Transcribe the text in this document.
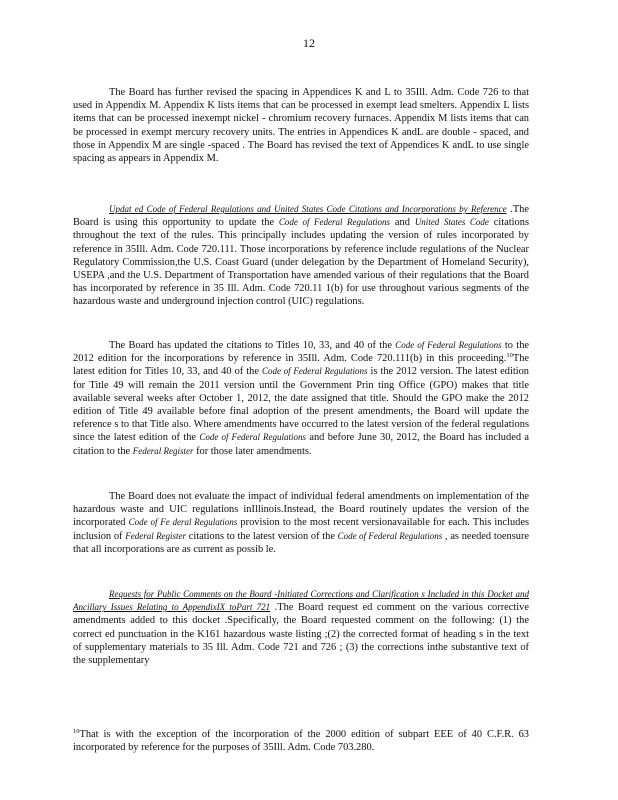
12

The Board has further revised the spacing in Appendices K and L to 35Ill. Adm. Code 726 to that used in Appendix M. Appendix K lists items that can be processed in exempt lead smelters. Appendix L lists items that can be processed inexempt nickel - chromium recovery furnaces. Appendix M lists items that can be processed in exempt mercury recovery units. The entries in Appendices K andL are double - spaced, and those in Appendix M are single -spaced . The Board has revised the text of Appendices K andL to use single spacing as appears in Appendix M.

Updat ed Code of Federal Regulations and United States Code Citations and Incorporations by Reference .The Board is using this opportunity to update the Code of Federal Regulations and United States Code citations throughout the text of the rules. This principally includes updating the version of rules incorporated by reference in 35Ill. Adm. Code 720.111. Those incorporations by reference include regulations of the Nuclear Regulatory Commission,the U.S. Coast Guard (under delegation by the Department of Homeland Security), USEPA ,and the U.S. Department of Transportation have amended various of their regulations that the Board has incorporated by reference in 35 Ill. Adm. Code 720.11 1(b) for use throughout various segments of the hazardous waste and underground injection control (UIC) regulations.

The Board has updated the citations to Titles 10, 33, and 40 of the Code of Federal Regulations to the 2012 edition for the incorporations by reference in 35Ill. Adm. Code 720.111(b) in this proceeding.$^{10}$The latest edition for Titles 10, 33, and 40 of the Code of Federal Regulations is the 2012 version. The latest edition for Title 49 will remain the 2011 version until the Government Prin ting Office (GPO) makes that title available several weeks after October 1, 2012, the date assigned that title. Should the GPO make the 2012 edition of Title 49 available before final adoption of the present amendments, the Board will update the reference s to that Title also. Where amendments have occurred to the latest version of the federal regulations since the latest edition of the Code of Federal Regulations and before June 30, 2012, the Board has included a citation to the Federal Register for those later amendments.

The Board does not evaluate the impact of individual federal amendments on implementation of the hazardous waste and UIC regulations inIllinois.Instead, the Board routinely updates the version of the incorporated Code of Fe deral Regulations provision to the most recent versionavailable for each. This includes inclusion of Federal Register citations to the latest version of the Code of Federal Regulations , as needed toensure that all incorporations are as current as possib le.

Requests for Public Comments on the Board -Initiated Corrections and Clarification s Included in this Docket and Ancillary Issues Relating to AppendixIX toPart 721 .The Board request ed comment on the various corrective amendments added to this docket .Specifically, the Board requested comment on the following: (1) the correct ed punctuation in the K161 hazardous waste listing ;(2) the corrected format of heading s in the text of supplementary materials to 35 Ill. Adm. Code 721 and 726 ; (3) the corrections inthe substantive text of the supplementary

$^{10}$That is with the exception of the incorporation of the 2000 edition of subpart EEE of 40 C.F.R. 63 incorporated by reference for the purposes of 35Ill. Adm. Code 703.280.
